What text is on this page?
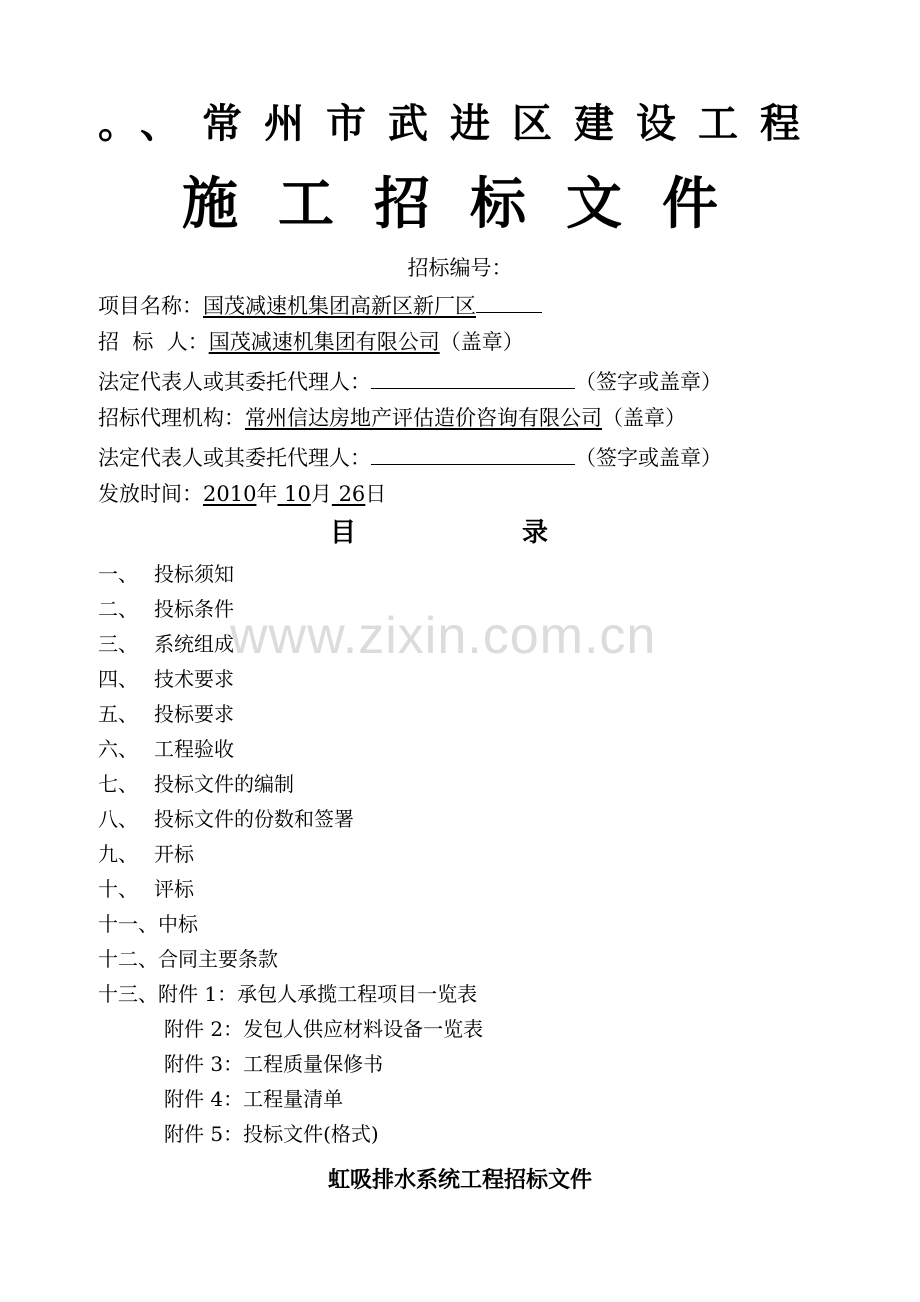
www.zixin.com.cn
。、常州市武进区建设工程
施工招标文件
招标编号：
项目名称：国茂减速机集团高新区新厂区
招  标  人：国茂减速机集团有限公司（盖章）
法定代表人或其委托代理人：	（签字或盖章）
招标代理机构：常州信达房地产评估造价咨询有限公司（盖章）
法定代表人或其委托代理人：	（签字或盖章）
发放时间：2010年 10月 26日
目	录
一、 投标须知
二、 投标条件
三、 系统组成
四、 技术要求
五、 投标要求
六、 工程验收
七、 投标文件的编制
八、 投标文件的份数和签署
九、 开标
十、 评标
十一、中标
十二、合同主要条款
十三、附件 1：承包人承揽工程项目一览表
附件 2：发包人供应材料设备一览表
附件 3：工程质量保修书
附件 4：工程量清单
附件 5：投标文件(格式)
虹吸排水系统工程招标文件
